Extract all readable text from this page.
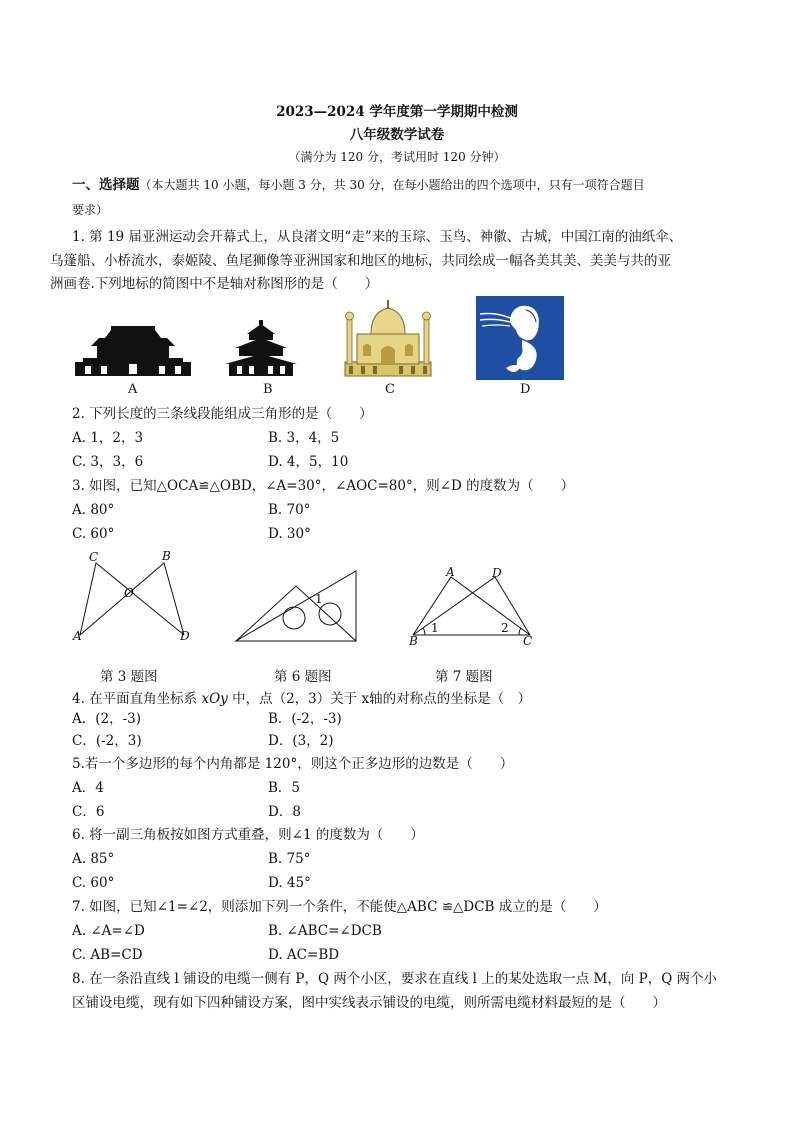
2023—2024 学年度第一学期期中检测
八年级数学试卷
（满分为 120 分，考试用时 120 分钟）
一、选择题（本大题共 10 小题，每小题 3 分，共 30 分，在每小题给出的四个选项中，只有一项符合题目
要求）
1. 第 19 届亚洲运动会开幕式上，从良渚文明“走”来的玉琮、玉鸟、神徽、古城，中国江南的油纸伞、
乌篷船、小桥流水，泰姬陵、鱼尾狮像等亚洲国家和地区的地标，共同绘成一幅各美其美、美美与共的亚
洲画卷.下列地标的简图中不是轴对称图形的是（　　）
A	B	C	D
2. 下列长度的三条线段能组成三角形的是（　　）
A. 1，2，3	B. 3，4，5
C. 3，3，6	D. 4，5，10
3. 如图，已知△OCA≌△OBD，∠A=30°，∠AOC=80°，则∠D 的度数为（　　）
A. 80°	B. 70°
C. 60°	D. 30°
C	B
O
A	D
1
A	D
B	C
1	2
第 3 题图	第 6 题图	第 7 题图
4. 在平面直角坐标系 xOy 中，点（2，3）关于 x轴的对称点的坐标是（　）
A．(2，-3)	B．(-2，-3)
C．(-2，3)	D．(3，2)
5.若一个多边形的每个内角都是 120°，则这个正多边形的边数是（　　）
A．4	B．5
C．6	D．8
6. 将一副三角板按如图方式重叠，则∠1 的度数为（　　）
A. 85°	B. 75°
C. 60°	D. 45°
7. 如图，已知∠1=∠2，则添加下列一个条件，不能使△ABC ≌△DCB 成立的是（　　）
A. ∠A=∠D	B. ∠ABC=∠DCB
C. AB=CD	D. AC=BD
8. 在一条沿直线 l 铺设的电缆一侧有 P，Q 两个小区，要求在直线 l 上的某处选取一点 M，向 P，Q 两个小
区铺设电缆，现有如下四种铺设方案，图中实线表示铺设的电缆，则所需电缆材料最短的是（　　）
